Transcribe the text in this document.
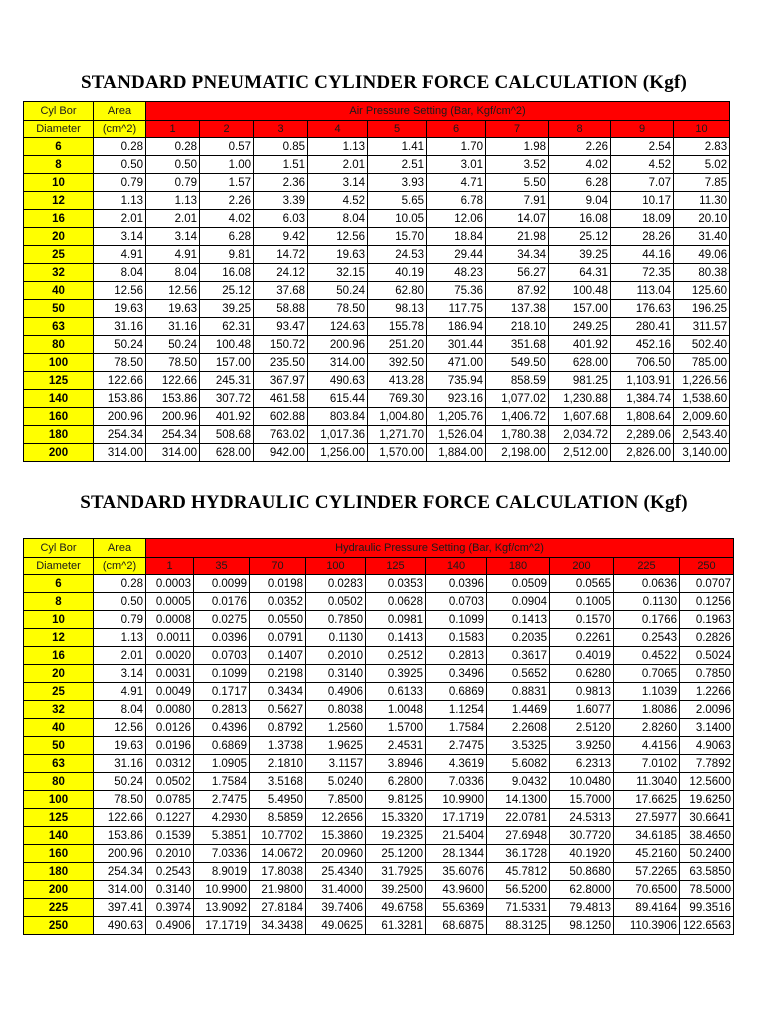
STANDARD PNEUMATIC CYLINDER FORCE CALCULATION (Kgf)
Cyl Bor	Area	Air Pressure Setting (Bar, Kgf/cm^2)									
Diameter	(cm^2)	1	2	3	4	5	6	7	8	9	10
6	0.28	0.28	0.57	0.85	1.13	1.41	1.70	1.98	2.26	2.54	2.83
8	0.50	0.50	1.00	1.51	2.01	2.51	3.01	3.52	4.02	4.52	5.02
10	0.79	0.79	1.57	2.36	3.14	3.93	4.71	5.50	6.28	7.07	7.85
12	1.13	1.13	2.26	3.39	4.52	5.65	6.78	7.91	9.04	10.17	11.30
16	2.01	2.01	4.02	6.03	8.04	10.05	12.06	14.07	16.08	18.09	20.10
20	3.14	3.14	6.28	9.42	12.56	15.70	18.84	21.98	25.12	28.26	31.40
25	4.91	4.91	9.81	14.72	19.63	24.53	29.44	34.34	39.25	44.16	49.06
32	8.04	8.04	16.08	24.12	32.15	40.19	48.23	56.27	64.31	72.35	80.38
40	12.56	12.56	25.12	37.68	50.24	62.80	75.36	87.92	100.48	113.04	125.60
50	19.63	19.63	39.25	58.88	78.50	98.13	117.75	137.38	157.00	176.63	196.25
63	31.16	31.16	62.31	93.47	124.63	155.78	186.94	218.10	249.25	280.41	311.57
80	50.24	50.24	100.48	150.72	200.96	251.20	301.44	351.68	401.92	452.16	502.40
100	78.50	78.50	157.00	235.50	314.00	392.50	471.00	549.50	628.00	706.50	785.00
125	122.66	122.66	245.31	367.97	490.63	413.28	735.94	858.59	981.25	1,103.91	1,226.56
140	153.86	153.86	307.72	461.58	615.44	769.30	923.16	1,077.02	1,230.88	1,384.74	1,538.60
160	200.96	200.96	401.92	602.88	803.84	1,004.80	1,205.76	1,406.72	1,607.68	1,808.64	2,009.60
180	254.34	254.34	508.68	763.02	1,017.36	1,271.70	1,526.04	1,780.38	2,034.72	2,289.06	2,543.40
200	314.00	314.00	628.00	942.00	1,256.00	1,570.00	1,884.00	2,198.00	2,512.00	2,826.00	3,140.00
STANDARD HYDRAULIC CYLINDER FORCE CALCULATION (Kgf)
Cyl Bor	Area	Hydraulic Pressure Setting (Bar, Kgf/cm^2)									
Diameter	(cm^2)	1	35	70	100	125	140	180	200	225	250
6	0.28	0.0003	0.0099	0.0198	0.0283	0.0353	0.0396	0.0509	0.0565	0.0636	0.0707
8	0.50	0.0005	0.0176	0.0352	0.0502	0.0628	0.0703	0.0904	0.1005	0.1130	0.1256
10	0.79	0.0008	0.0275	0.0550	0.7850	0.0981	0.1099	0.1413	0.1570	0.1766	0.1963
12	1.13	0.0011	0.0396	0.0791	0.1130	0.1413	0.1583	0.2035	0.2261	0.2543	0.2826
16	2.01	0.0020	0.0703	0.1407	0.2010	0.2512	0.2813	0.3617	0.4019	0.4522	0.5024
20	3.14	0.0031	0.1099	0.2198	0.3140	0.3925	0.3496	0.5652	0.6280	0.7065	0.7850
25	4.91	0.0049	0.1717	0.3434	0.4906	0.6133	0.6869	0.8831	0.9813	1.1039	1.2266
32	8.04	0.0080	0.2813	0.5627	0.8038	1.0048	1.1254	1.4469	1.6077	1.8086	2.0096
40	12.56	0.0126	0.4396	0.8792	1.2560	1.5700	1.7584	2.2608	2.5120	2.8260	3.1400
50	19.63	0.0196	0.6869	1.3738	1.9625	2.4531	2.7475	3.5325	3.9250	4.4156	4.9063
63	31.16	0.0312	1.0905	2.1810	3.1157	3.8946	4.3619	5.6082	6.2313	7.0102	7.7892
80	50.24	0.0502	1.7584	3.5168	5.0240	6.2800	7.0336	9.0432	10.0480	11.3040	12.5600
100	78.50	0.0785	2.7475	5.4950	7.8500	9.8125	10.9900	14.1300	15.7000	17.6625	19.6250
125	122.66	0.1227	4.2930	8.5859	12.2656	15.3320	17.1719	22.0781	24.5313	27.5977	30.6641
140	153.86	0.1539	5.3851	10.7702	15.3860	19.2325	21.5404	27.6948	30.7720	34.6185	38.4650
160	200.96	0.2010	7.0336	14.0672	20.0960	25.1200	28.1344	36.1728	40.1920	45.2160	50.2400
180	254.34	0.2543	8.9019	17.8038	25.4340	31.7925	35.6076	45.7812	50.8680	57.2265	63.5850
200	314.00	0.3140	10.9900	21.9800	31.4000	39.2500	43.9600	56.5200	62.8000	70.6500	78.5000
225	397.41	0.3974	13.9092	27.8184	39.7406	49.6758	55.6369	71.5331	79.4813	89.4164	99.3516
250	490.63	0.4906	17.1719	34.3438	49.0625	61.3281	68.6875	88.3125	98.1250	110.3906	122.6563
